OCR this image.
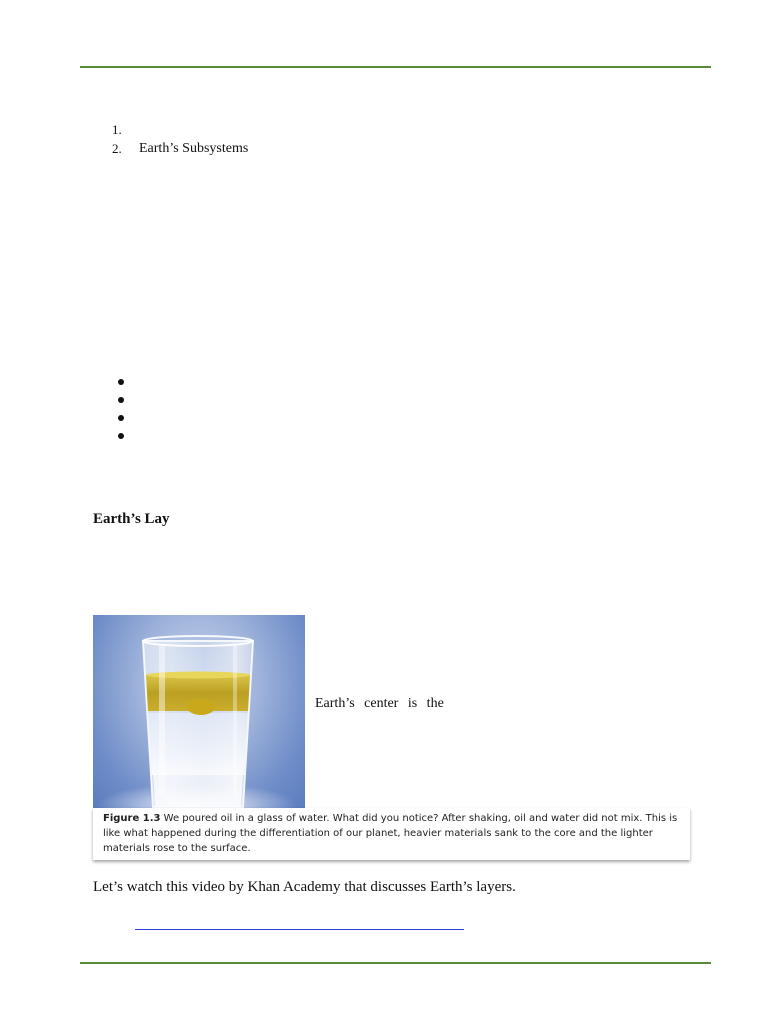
1.
2.	Earth’s Subsystems
Earth’s Lay

Earth’s center is the

Figure 1.3 We poured oil in a glass of water. What did you notice? After shaking, oil and water did not mix. This is like what happened during the differentiation of our planet, heavier materials sank to the core and the lighter materials rose to the surface.

Let’s watch this video by Khan Academy that discusses Earth’s layers.
